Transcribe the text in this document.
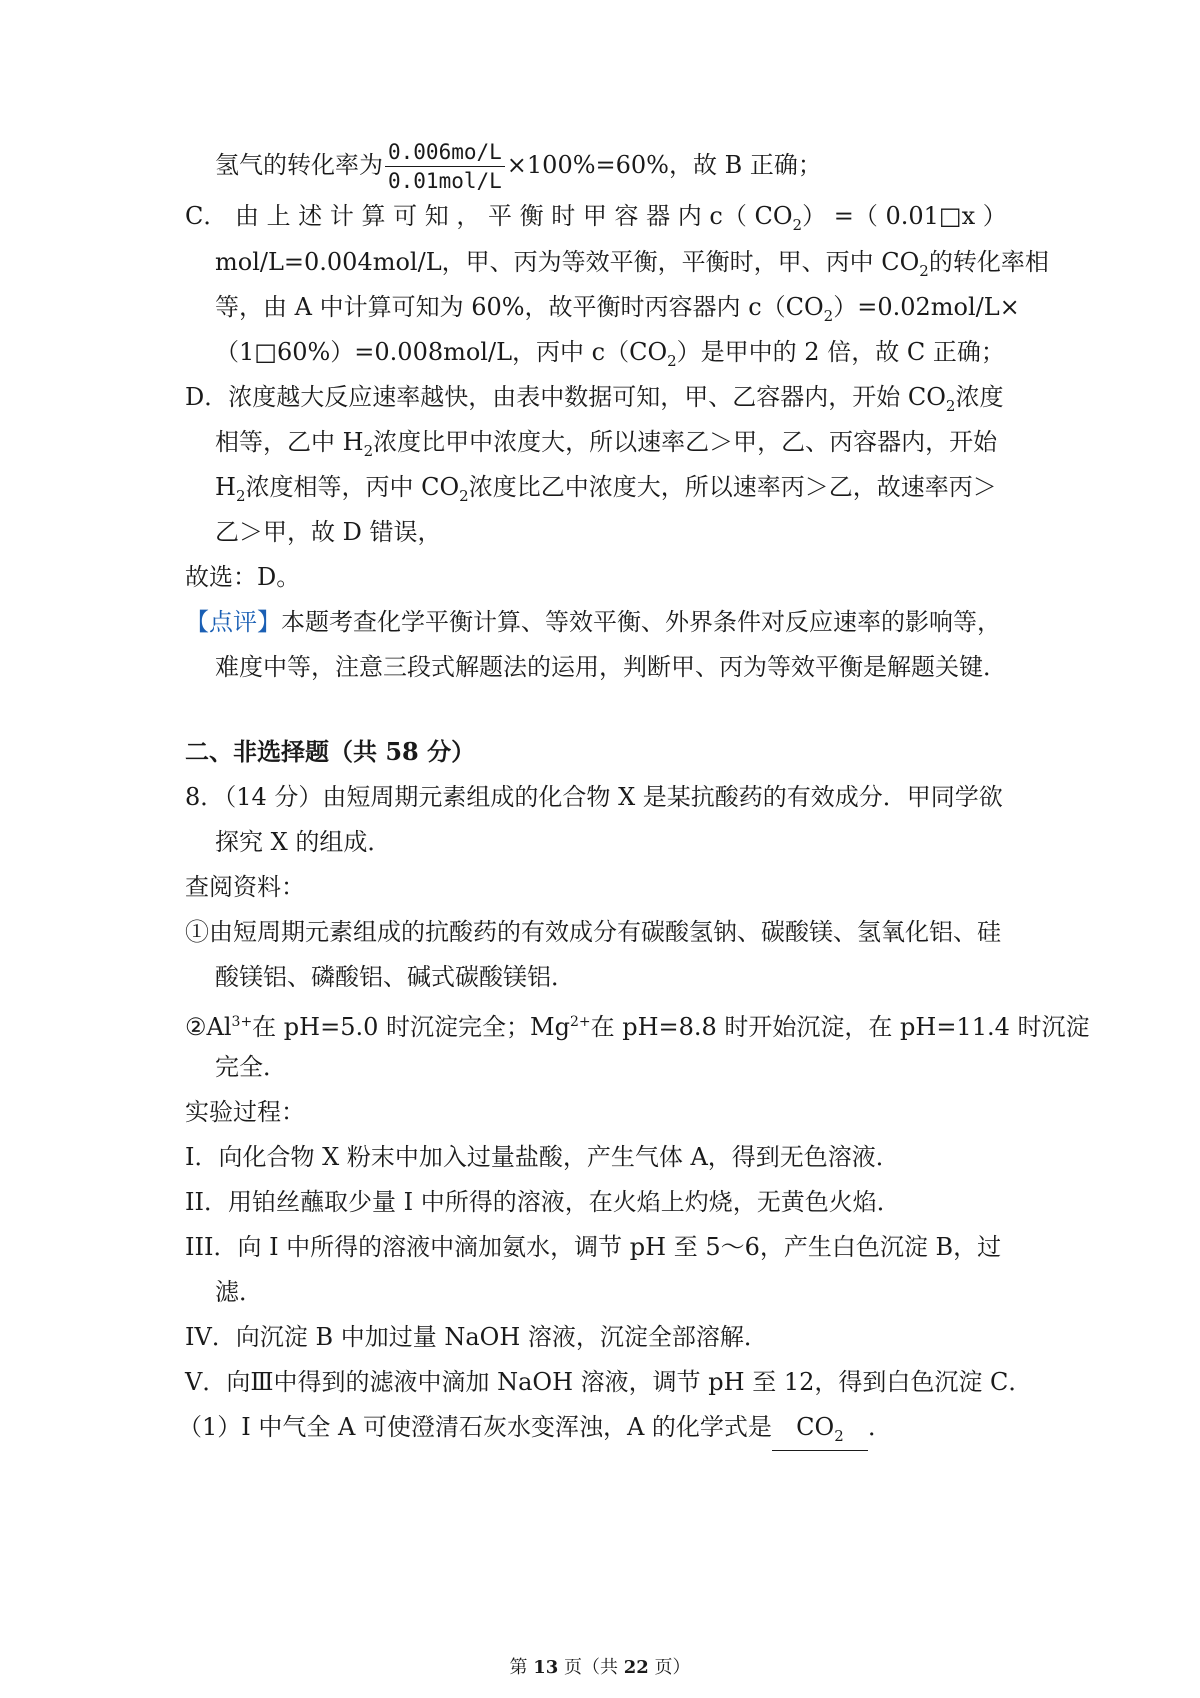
氢气的转化率为 $\frac{0.006mo/L}{\text{0.01mol/L}} \times 100\%=60\%$，故 B 正确；
C． 由 上 述 计 算 可 知 ， 平 衡 时 甲 容 器 内 c（ $CO_2$） =（ 0.01□x ）
mol/L=0.004mol/L，甲、丙为等效平衡，平衡时，甲、丙中 $CO_2$的转化率相
等，由 A 中计算可知为 60%，故平衡时丙容器内 $c(CO_2)=0.02mol/L\times$
（1□60%）=0.008mol/L，丙中 $c(CO_2)$是甲中的 2 倍，故 C 正确；
D．浓度越大反应速率越快，由表中数据可知，甲、乙容器内，开始 $CO_2$浓度
相等，乙中 $H_2$浓度比甲中浓度大，所以速率乙＞甲，乙、丙容器内，开始
$H_2$浓度相等，丙中 $CO_2$浓度比乙中浓度大，所以速率丙＞乙，故速率丙＞
乙＞甲，故 D 错误，
故选：D。
【点评】本题考查化学平衡计算、等效平衡、外界条件对反应速率的影响等，
难度中等，注意三段式解题法的运用，判断甲、丙为等效平衡是解题关键．
二、非选择题（共 58 分）
8．（14 分）由短周期元素组成的化合物 X 是某抗酸药的有效成分．甲同学欲
探究 X 的组成．
查阅资料：
①由短周期元素组成的抗酸药的有效成分有碳酸氢钠、碳酸镁、氢氧化铝、硅
酸镁铝、磷酸铝、碱式碳酸镁铝．
$②Al^{3+}$在 pH=5.0 时沉淀完全；$Mg^{2+}$在 pH=8.8 时开始沉淀，在 pH=11.4 时沉淀
完全．
实验过程：
I．向化合物 X 粉末中加入过量盐酸，产生气体 A，得到无色溶液．
II．用铂丝蘸取少量 I 中所得的溶液，在火焰上灼烧，无黄色火焰．
III．向 I 中所得的溶液中滴加氨水，调节 pH 至 5～6，产生白色沉淀 B，过
滤．
IV．向沉淀 B 中加过量 NaOH 溶液，沉淀全部溶解．
V．向Ⅲ中得到的滤液中滴加 NaOH 溶液，调节 pH 至 12，得到白色沉淀 C．
（1）I 中气全 A 可使澄清石灰水变浑浊，A 的化学式是 $CO_2$ ．
第 13 页（共 22 页）
